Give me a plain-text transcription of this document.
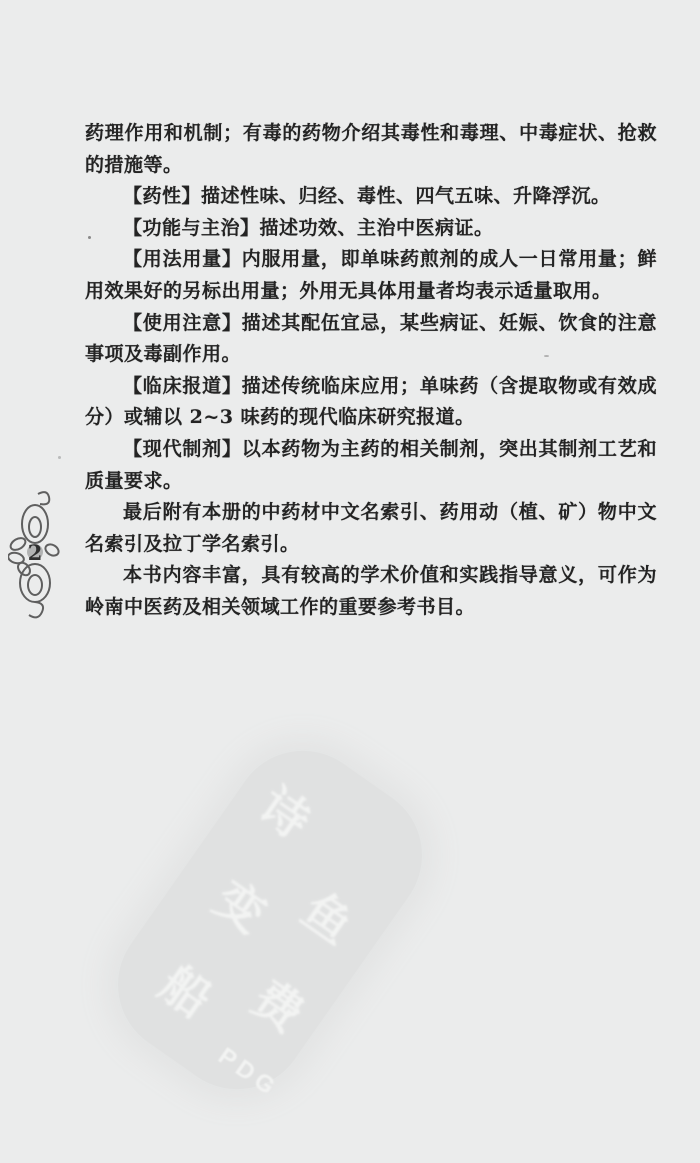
2
药理作用和机制；有毒的药物介绍其毒性和毒理、中毒症状、抢救
的措施等。
【药性】描述性味、归经、毒性、四气五味、升降浮沉。
【功能与主治】描述功效、主治中医病证。
【用法用量】内服用量，即单味药煎剂的成人一日常用量；鲜
用效果好的另标出用量；外用无具体用量者均表示适量取用。
【使用注意】描述其配伍宜忌，某些病证、妊娠、饮食的注意
事项及毒副作用。
【临床报道】描述传统临床应用；单味药（含提取物或有效成
分）或辅以 2~3 味药的现代临床研究报道。
【现代制剂】以本药物为主药的相关制剂，突出其制剂工艺和
质量要求。
最后附有本册的中药材中文名索引、药用动（植、矿）物中文
名索引及拉丁学名索引。
本书内容丰富，具有较高的学术价值和实践指导意义，可作为
岭南中医药及相关领域工作的重要参考书目。
诗
变 鱼
船 费
PDG
